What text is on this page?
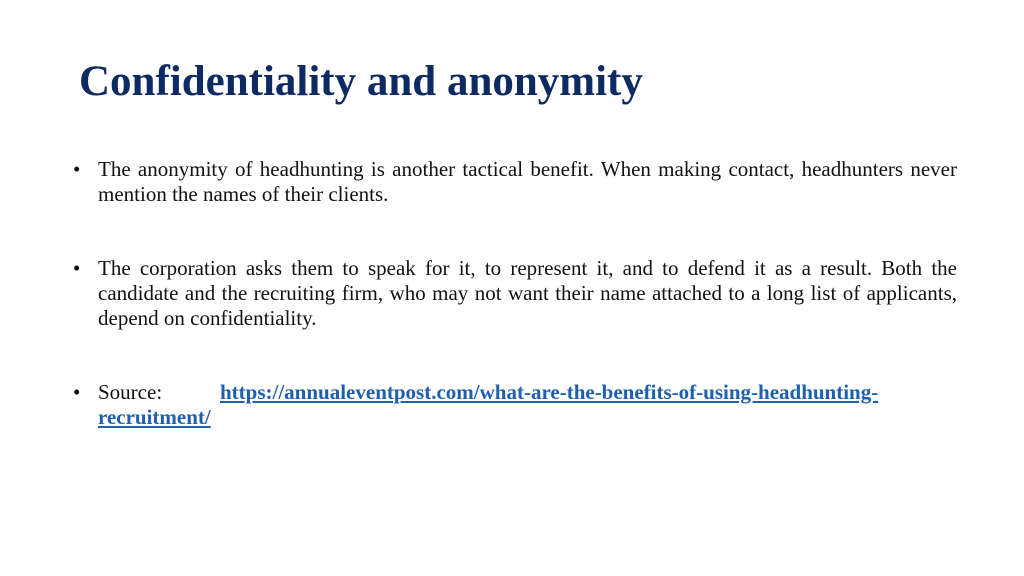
Confidentiality and anonymity
• The anonymity of headhunting is another tactical benefit. When making contact, headhunters never mention the names of their clients.
• The corporation asks them to speak for it, to represent it, and to defend it as a result. Both the candidate and the recruiting firm, who may not want their name attached to a long list of applicants, depend on confidentiality.
• Source:	https://annualeventpost.com/what-are-the-benefits-of-using-headhunting-recruitment/
